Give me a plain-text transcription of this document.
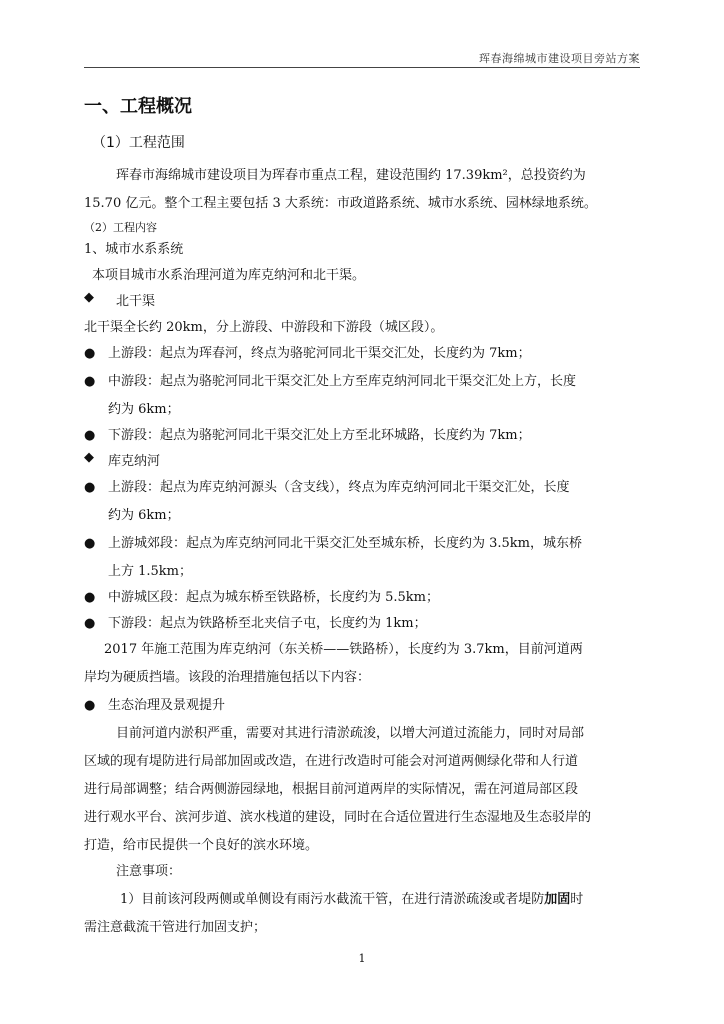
珲春海绵城市建设项目旁站方案
一、工程概况
（1）工程范围
珲春市海绵城市建设项目为珲春市重点工程，建设范围约 17.39km²，总投资约为
15.70 亿元。整个工程主要包括 3 大系统：市政道路系统、城市水系统、园林绿地系统。
（2）工程内容
1、城市水系系统
本项目城市水系治理河道为库克纳河和北干渠。
◆ 北干渠
北干渠全长约 20km，分上游段、中游段和下游段（城区段）。
● 上游段：起点为珲春河，终点为骆驼河同北干渠交汇处，长度约为 7km；
● 中游段：起点为骆驼河同北干渠交汇处上方至库克纳河同北干渠交汇处上方，长度
约为 6km；
● 下游段：起点为骆驼河同北干渠交汇处上方至北环城路，长度约为 7km；
◆ 库克纳河
● 上游段：起点为库克纳河源头（含支线），终点为库克纳河同北干渠交汇处，长度
约为 6km；
● 上游城郊段：起点为库克纳河同北干渠交汇处至城东桥，长度约为 3.5km，城东桥
上方 1.5km；
● 中游城区段：起点为城东桥至铁路桥，长度约为 5.5km；
● 下游段：起点为铁路桥至北夹信子屯，长度约为 1km；
2017 年施工范围为库克纳河（东关桥——铁路桥），长度约为 3.7km，目前河道两
岸均为硬质挡墙。该段的治理措施包括以下内容：
● 生态治理及景观提升
目前河道内淤积严重，需要对其进行清淤疏浚，以增大河道过流能力，同时对局部
区域的现有堤防进行局部加固或改造，在进行改造时可能会对河道两侧绿化带和人行道
进行局部调整；结合两侧游园绿地，根据目前河道两岸的实际情况，需在河道局部区段
进行观水平台、滨河步道、滨水栈道的建设，同时在合适位置进行生态湿地及生态驳岸的
打造，给市民提供一个良好的滨水环境。
注意事项：
1）目前该河段两侧或单侧设有雨污水截流干管，在进行清淤疏浚或者堤防加固时
需注意截流干管进行加固支护；
1
